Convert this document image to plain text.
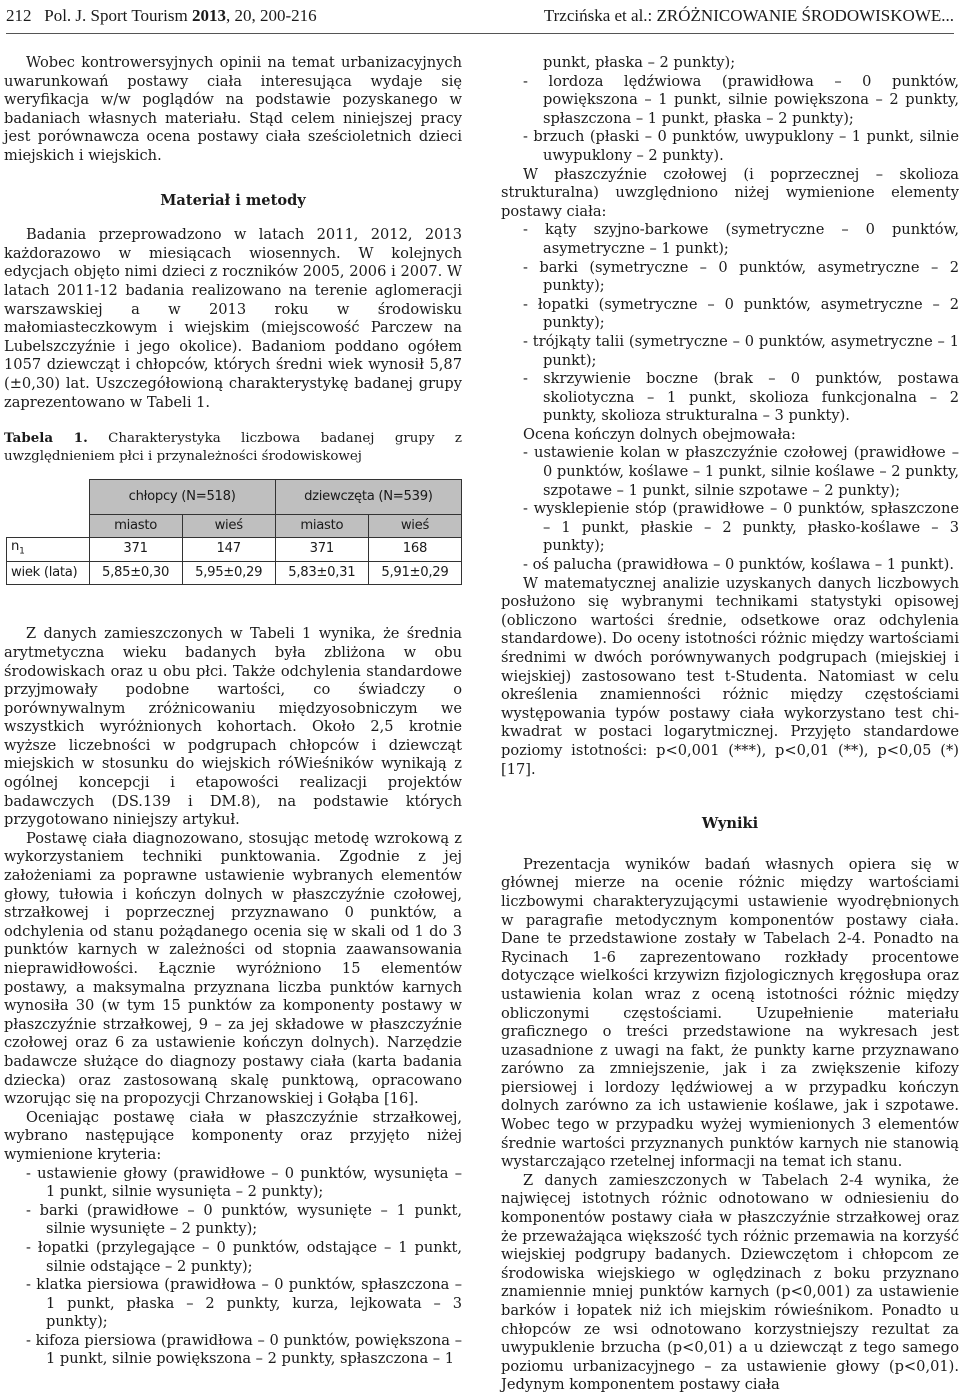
212   Pol. J. Sport Tourism 2013, 20, 200-216	Trzcińska et al.: ZRÓŻNICOWANIE ŚRODOWISKOWE...

Wobec kontrowersyjnych opinii na temat urbanizacyjnych uwarunkowań postawy ciała interesująca wydaje się weryfikacja w/w poglądów na podstawie pozyskanego w badaniach własnych materiału. Stąd celem niniejszej pracy jest porównawcza ocena postawy ciała sześcioletnich dzieci miejskich i wiejskich.

Materiał i metody

Badania przeprowadzono w latach 2011, 2012, 2013 każdorazowo w miesiącach wiosennych. W kolejnych edycjach objęto nimi dzieci z roczników 2005, 2006 i 2007. W latach 2011-12 badania realizowano na terenie aglomeracji warszawskiej a w 2013 roku w środowisku małomiasteczkowym i wiejskim (miejscowość Parczew na Lubelszczyźnie i jego okolice). Badaniom poddano ogółem 1057 dziewcząt i chłopców, których średni wiek wynosił 5,87 (±0,30) lat. Uszczegółowioną charakterystykę badanej grupy zaprezentowano w Tabeli 1.

Tabela 1. Charakterystyka liczbowa badanej grupy z uwzględnieniem płci i przynależności środowiskowej

	chłopcy (N=518)		dziewczęta (N=539)	
	miasto	wieś	miasto	wieś
$n_1$	371	147	371	168
wiek (lata)	5,85±0,30	5,95±0,29	5,83±0,31	5,91±0,29

Z danych zamieszczonych w Tabeli 1 wynika, że średnia arytmetyczna wieku badanych była zbliżona w obu środowiskach oraz u obu płci. Także odchylenia standardowe przyjmowały podobne wartości, co świadczy o porównywalnym zróżnicowaniu międzyosobniczym we wszystkich wyróżnionych kohortach. Około 2,5 krotnie wyższe liczebności w podgrupach chłopców i dziewcząt miejskich w stosunku do wiejskich róWieśników wynikają z ogólnej koncepcji i etapowości realizacji projektów badawczych (DS.139 i DM.8), na podstawie których przygotowano niniejszy artykuł.

Postawę ciała diagnozowano, stosując metodę wzrokową z wykorzystaniem techniki punktowania. Zgodnie z jej założeniami za poprawne ustawienie wybranych elementów głowy, tułowia i kończyn dolnych w płaszczyźnie czołowej, strzałkowej i poprzecznej przyznawano 0 punktów, a odchylenia od stanu pożądanego ocenia się w skali od 1 do 3 punktów karnych w zależności od stopnia zaawansowania nieprawidłowości. Łącznie wyróżniono 15 elementów postawy, a maksymalna przyznana liczba punktów karnych wynosiła 30 (w tym 15 punktów za komponenty postawy w płaszczyźnie strzałkowej, 9 – za jej składowe w płaszczyźnie czołowej oraz 6 za ustawienie kończyn dolnych). Narzędzie badawcze służące do diagnozy postawy ciała (karta badania dziecka) oraz zastosowaną skalę punktową, opracowano wzorując się na propozycji Chrzanowskiej i Gołąba [16].

Oceniając postawę ciała w płaszczyźnie strzałkowej, wybrano następujące komponenty oraz przyjęto niżej wymienione kryteria:

- ustawienie głowy (prawidłowe – 0 punktów, wysunięta – 1 punkt, silnie wysunięta – 2 punkty);

- barki (prawidłowe – 0 punktów, wysunięte – 1 punkt, silnie wysunięte – 2 punkty);

- łopatki (przylegające – 0 punktów, odstające – 1 punkt, silnie odstające – 2 punkty);

- klatka piersiowa (prawidłowa – 0 punktów, spłaszczona – 1 punkt, płaska – 2 punkty, kurza, lejkowata – 3 punkty);

- kifoza piersiowa (prawidłowa – 0 punktów, powiększona – 1 punkt, silnie powiększona – 2 punkty, spłaszczona – 1

punkt, płaska – 2 punkty);

- lordoza lędźwiowa (prawidłowa – 0 punktów, powiększona – 1 punkt, silnie powiększona – 2 punkty, spłaszczona – 1 punkt, płaska – 2 punkty);

- brzuch (płaski – 0 punktów, uwypuklony – 1 punkt, silnie uwypuklony – 2 punkty).

W płaszczyźnie czołowej (i poprzecznej – skolioza strukturalna) uwzględniono niżej wymienione elementy postawy ciała:

- kąty szyjno-barkowe (symetryczne – 0 punktów, asymetryczne – 1 punkt);

- barki (symetryczne – 0 punktów, asymetryczne – 2 punkty);

- łopatki (symetryczne – 0 punktów, asymetryczne – 2 punkty);

- trójkąty talii (symetryczne – 0 punktów, asymetryczne – 1 punkt);

- skrzywienie boczne (brak – 0 punktów, postawa skoliotyczna – 1 punkt, skolioza funkcjonalna – 2 punkty, skolioza strukturalna – 3 punkty).

Ocena kończyn dolnych obejmowała:

- ustawienie kolan w płaszczyźnie czołowej (prawidłowe – 0 punktów, koślawe – 1 punkt, silnie koślawe – 2 punkty, szpotawe – 1 punkt, silnie szpotawe – 2 punkty);

- wysklepienie stóp (prawidłowe – 0 punktów, spłaszczone – 1 punkt, płaskie – 2 punkty, płasko-koślawe – 3 punkty);

- oś palucha (prawidłowa – 0 punktów, koślawa – 1 punkt).

W matematycznej analizie uzyskanych danych liczbowych posłużono się wybranymi technikami statystyki opisowej (obliczono wartości średnie, odsetkowe oraz odchylenia standardowe). Do oceny istotności różnic między wartościami średnimi w dwóch porównywanych podgrupach (miejskiej i wiejskiej) zastosowano test t-Studenta. Natomiast w celu określenia znamienności różnic między częstościami występowania typów postawy ciała wykorzystano test chi-kwadrat w postaci logarytmicznej. Przyjęto standardowe poziomy istotności: p<0,001 (***), p<0,01 (**), p<0,05 (*) [17].

Wyniki

Prezentacja wyników badań własnych opiera się w głównej mierze na ocenie różnic między wartościami liczbowymi charakteryzującymi ustawienie wyodrębnionych w paragrafie metodycznym komponentów postawy ciała. Dane te przedstawione zostały w Tabelach 2-4. Ponadto na Rycinach 1-6 zaprezentowano rozkłady procentowe dotyczące wielkości krzywizn fizjologicznych kręgosłupa oraz ustawienia kolan wraz z oceną istotności różnic między obliczonymi częstościami. Uzupełnienie materiału graficznego o treści przedstawione na wykresach jest uzasadnione z uwagi na fakt, że punkty karne przyznawano zarówno za zmniejszenie, jak i za zwiększenie kifozy piersiowej i lordozy lędźwiowej a w przypadku kończyn dolnych zarówno za ich ustawienie koślawe, jak i szpotawe. Wobec tego w przypadku wyżej wymienionych 3 elementów średnie wartości przyznanych punktów karnych nie stanowią wystarczająco rzetelnej informacji na temat ich stanu.

Z danych zamieszczonych w Tabelach 2-4 wynika, że najwięcej istotnych różnic odnotowano w odniesieniu do komponentów postawy ciała w płaszczyźnie strzałkowej oraz że przeważająca większość tych różnic przemawia na korzyść wiejskiej podgrupy badanych. Dziewczętom i chłopcom ze środowiska wiejskiego w oględzinach z boku przyznano znamiennie mniej punktów karnych (p<0,001) za ustawienie barków i łopatek niż ich miejskim rówieśnikom. Ponadto u chłopców ze wsi odnotowano korzystniejszy rezultat za uwypuklenie brzucha (p<0,01) a u dziewcząt z tego samego poziomu urbanizacyjnego – za ustawienie głowy (p<0,01). Jedynym komponentem postawy ciała
